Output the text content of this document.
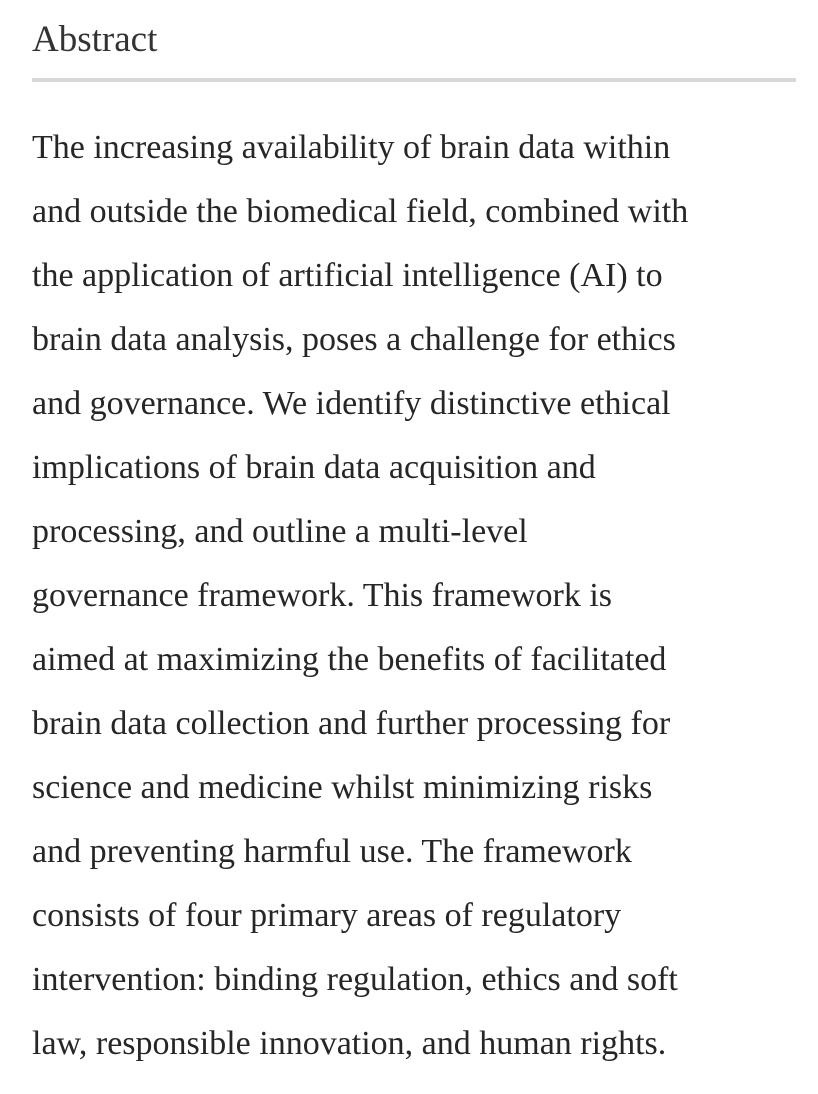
Abstract

The increasing availability of brain data within
and outside the biomedical field, combined with
the application of artificial intelligence (AI) to
brain data analysis, poses a challenge for ethics
and governance. We identify distinctive ethical
implications of brain data acquisition and
processing, and outline a multi-level
governance framework. This framework is
aimed at maximizing the benefits of facilitated
brain data collection and further processing for
science and medicine whilst minimizing risks
and preventing harmful use. The framework
consists of four primary areas of regulatory
intervention: binding regulation, ethics and soft
law, responsible innovation, and human rights.
